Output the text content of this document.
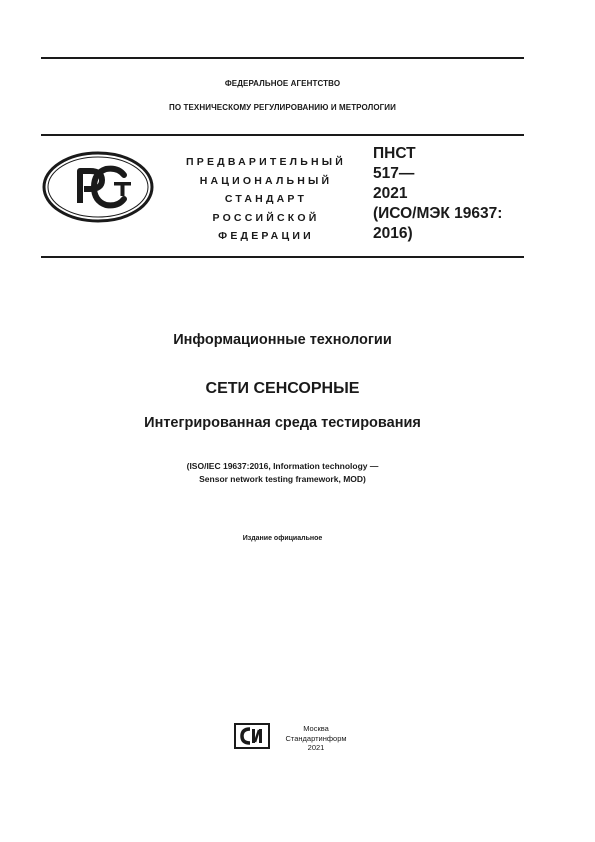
ФЕДЕРАЛЬНОЕ АГЕНТСТВО
ПО ТЕХНИЧЕСКОМУ РЕГУЛИРОВАНИЮ И МЕТРОЛОГИИ
ПРЕДВАРИТЕЛЬНЫЙ
НАЦИОНАЛЬНЫЙ
СТАНДАРТ
РОССИЙСКОЙ
ФЕДЕРАЦИИ
ПНСТ
517—
2021
(ИСО/МЭК 19637:
2016)
Информационные технологии
СЕТИ СЕНСОРНЫЕ
Интегрированная среда тестирования
(ISO/IEC 19637:2016, Information technology —
Sensor network testing framework, MOD)
Издание официальное
Москва
Стандартинформ
2021
